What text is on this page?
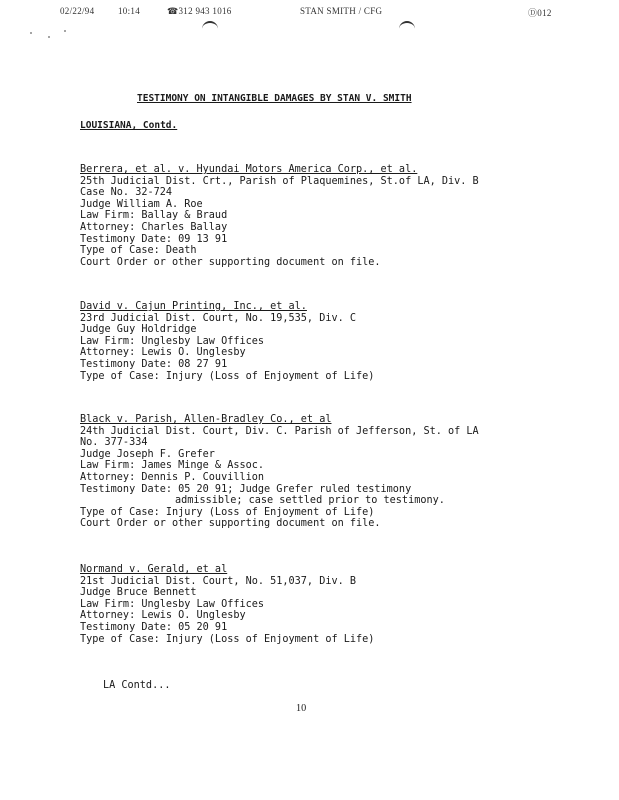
02/22/94	10:14	☎312 943 1016	STAN SMITH / CFG	Ⓓ012
TESTIMONY ON INTANGIBLE DAMAGES BY STAN V. SMITH
LOUISIANA, Contd.
Berrera, et al. v. Hyundai Motors America Corp., et al.
25th Judicial Dist. Crt., Parish of Plaquemines, St.of LA, Div. B
Case No. 32-724
Judge William A. Roe
Law Firm: Ballay & Braud
Attorney: Charles Ballay
Testimony Date: 09 13 91
Type of Case: Death
Court Order or other supporting document on file.
David v. Cajun Printing, Inc., et al.
23rd Judicial Dist. Court, No. 19,535, Div. C
Judge Guy Holdridge
Law Firm: Unglesby Law Offices
Attorney: Lewis O. Unglesby
Testimony Date: 08 27 91
Type of Case: Injury (Loss of Enjoyment of Life)
Black v. Parish, Allen-Bradley Co., et al
24th Judicial Dist. Court, Div. C. Parish of Jefferson, St. of LA
No. 377-334
Judge Joseph F. Grefer
Law Firm: James Minge & Assoc.
Attorney: Dennis P. Couvillion
Testimony Date: 05 20 91; Judge Grefer ruled testimony
admissible; case settled prior to testimony.
Type of Case: Injury (Loss of Enjoyment of Life)
Court Order or other supporting document on file.
Normand v. Gerald, et al
21st Judicial Dist. Court, No. 51,037, Div. B
Judge Bruce Bennett
Law Firm: Unglesby Law Offices
Attorney: Lewis O. Unglesby
Testimony Date: 05 20 91
Type of Case: Injury (Loss of Enjoyment of Life)
LA Contd...
10
